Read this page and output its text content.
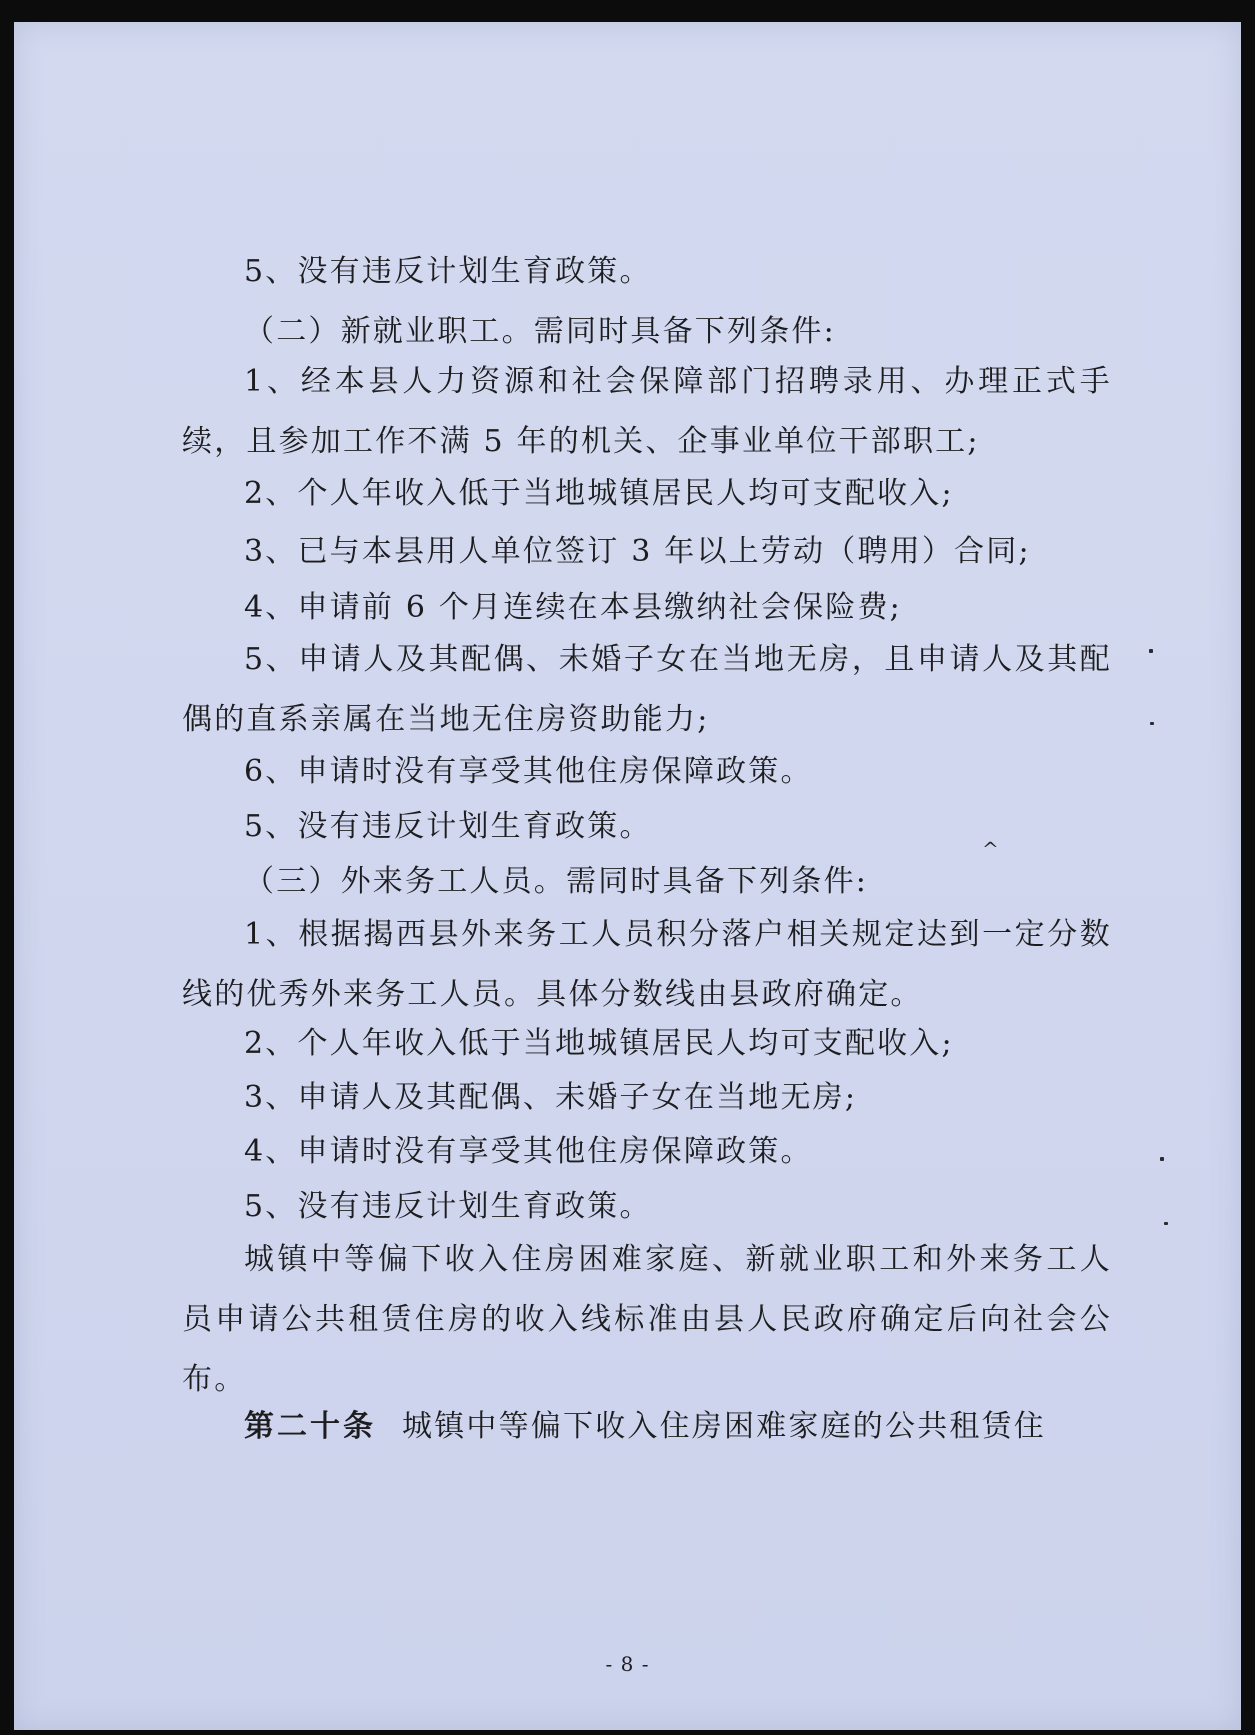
5、没有违反计划生育政策。
（二）新就业职工。需同时具备下列条件:
1、经本县人力资源和社会保障部门招聘录用、办理正式手续，且参加工作不满 5 年的机关、企事业单位干部职工;
2、个人年收入低于当地城镇居民人均可支配收入;
3、已与本县用人单位签订 3 年以上劳动（聘用）合同;
4、申请前 6 个月连续在本县缴纳社会保险费;
5、申请人及其配偶、未婚子女在当地无房，且申请人及其配偶的直系亲属在当地无住房资助能力;
6、申请时没有享受其他住房保障政策。
5、没有违反计划生育政策。
（三）外来务工人员。需同时具备下列条件:
1、根据揭西县外来务工人员积分落户相关规定达到一定分数线的优秀外来务工人员。具体分数线由县政府确定。
2、个人年收入低于当地城镇居民人均可支配收入;
3、申请人及其配偶、未婚子女在当地无房;
4、申请时没有享受其他住房保障政策。
5、没有违反计划生育政策。
城镇中等偏下收入住房困难家庭、新就业职工和外来务工人员申请公共租赁住房的收入线标准由县人民政府确定后向社会公布。
第二十条 城镇中等偏下收入住房困难家庭的公共租赁住
^
- 8 -
